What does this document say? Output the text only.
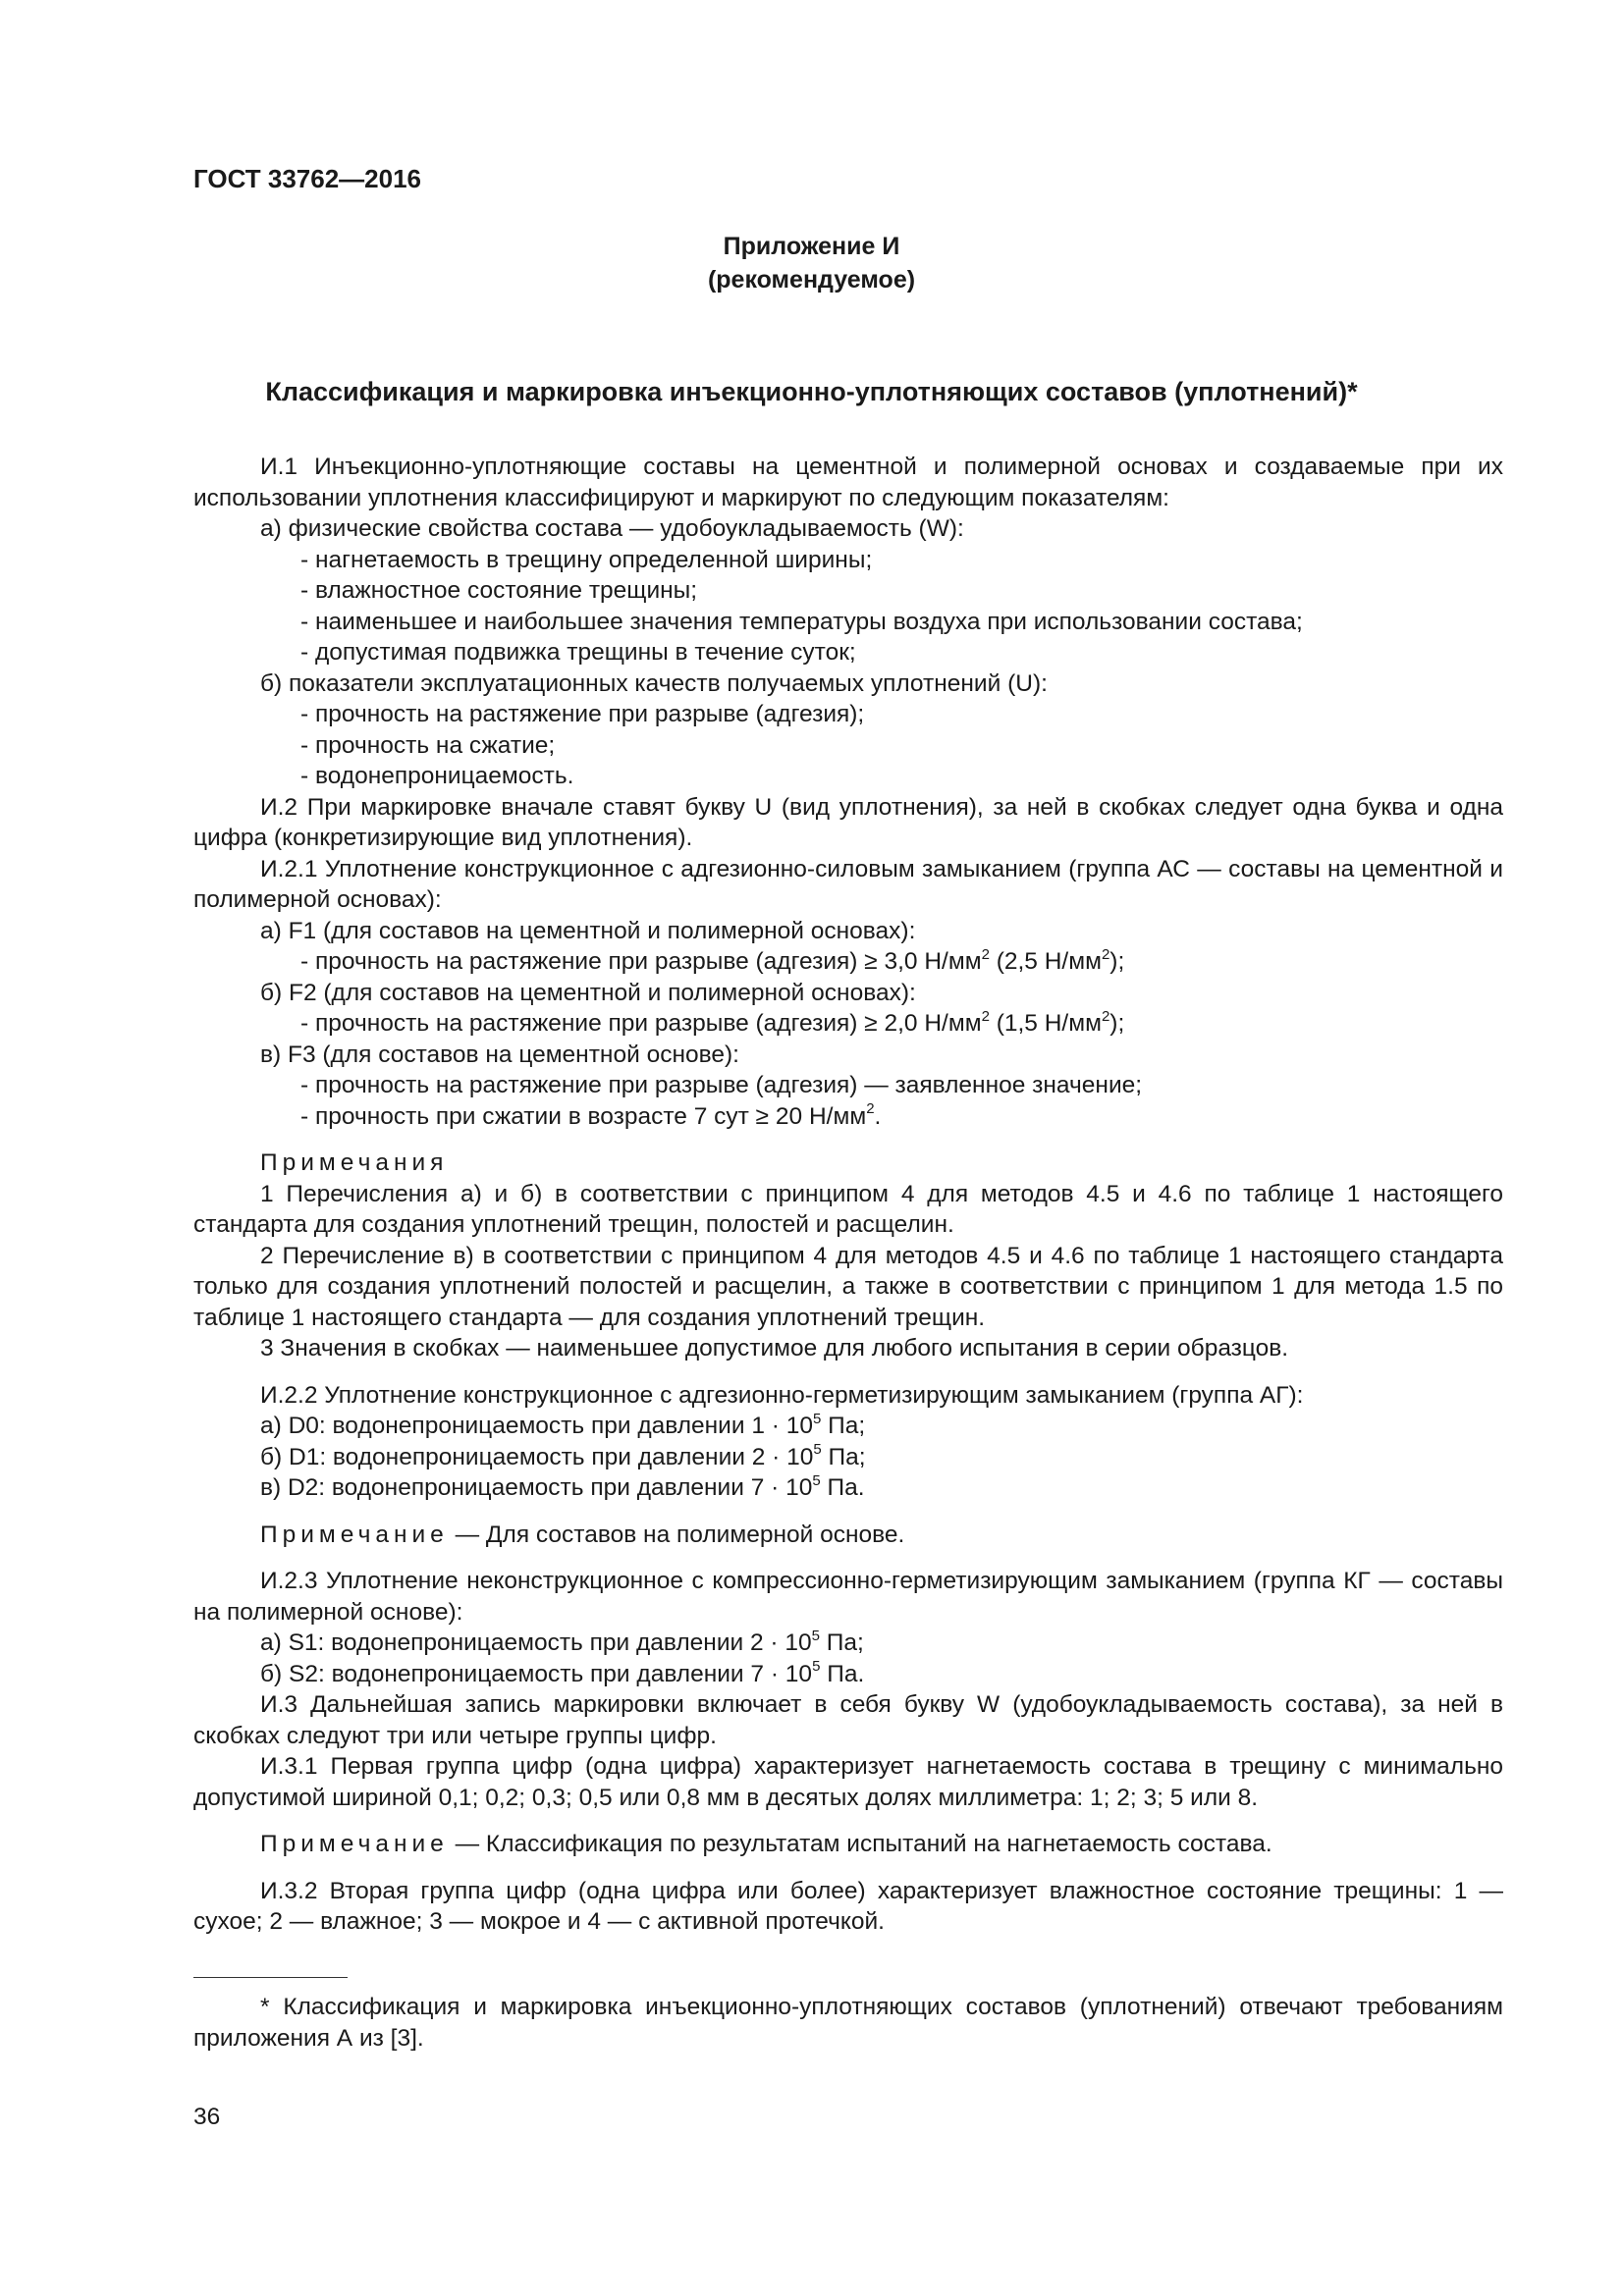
ГОСТ 33762—2016
Приложение И
(рекомендуемое)
Классификация и маркировка инъекционно-уплотняющих составов (уплотнений)*

И.1 Инъекционно-уплотняющие составы на цементной и полимерной основах и создаваемые при их использовании уплотнения классифицируют и маркируют по следующим показателям:

а) физические свойства состава — удобоукладываемость (W):

- нагнетаемость в трещину определенной ширины;

- влажностное состояние трещины;

- наименьшее и наибольшее значения температуры воздуха при использовании состава;

- допустимая подвижка трещины в течение суток;

б) показатели эксплуатационных качеств получаемых уплотнений (U):

- прочность на растяжение при разрыве (адгезия);

- прочность на сжатие;

- водонепроницаемость.

И.2 При маркировке вначале ставят букву U (вид уплотнения), за ней в скобках следует одна буква и одна цифра (конкретизирующие вид уплотнения).

И.2.1 Уплотнение конструкционное с адгезионно-силовым замыканием (группа АС — составы на цементной и полимерной основах):

а) F1 (для составов на цементной и полимерной основах):

- прочность на растяжение при разрыве (адгезия) ≥ 3,0 $Н/мм^2$ (2,5 $Н/мм^2$);

б) F2 (для составов на цементной и полимерной основах):

- прочность на растяжение при разрыве (адгезия) ≥ 2,0 $Н/мм^2$ (1,5 $Н/мм^2$);

в) F3 (для составов на цементной основе):

- прочность на растяжение при разрыве (адгезия) — заявленное значение;

- прочность при сжатии в возрасте 7 сут ≥ 20 $Н/мм^2$.

Примечания

1 Перечисления а) и б) в соответствии с принципом 4 для методов 4.5 и 4.6 по таблице 1 настоящего стандарта для создания уплотнений трещин, полостей и расщелин.

2 Перечисление в) в соответствии с принципом 4 для методов 4.5 и 4.6 по таблице 1 настоящего стандарта только для создания уплотнений полостей и расщелин, а также в соответствии с принципом 1 для метода 1.5 по таблице 1 настоящего стандарта — для создания уплотнений трещин.

3 Значения в скобках — наименьшее допустимое для любого испытания в серии образцов.

И.2.2 Уплотнение конструкционное с адгезионно-герметизирующим замыканием (группа АГ):

а) D0: водонепроницаемость при давлении $1 \cdot 10^5$ Па;

б) D1: водонепроницаемость при давлении $2 \cdot 10^5$ Па;

в) D2: водонепроницаемость при давлении $7 \cdot 10^5$ Па.

Примечание — Для составов на полимерной основе.

И.2.3 Уплотнение неконструкционное с компрессионно-герметизирующим замыканием (группа КГ — составы на полимерной основе):

а) S1: водонепроницаемость при давлении $2 \cdot 10^5$ Па;

б) S2: водонепроницаемость при давлении $7 \cdot 10^5$ Па.

И.3 Дальнейшая запись маркировки включает в себя букву W (удобоукладываемость состава), за ней в скобках следуют три или четыре группы цифр.

И.3.1 Первая группа цифр (одна цифра) характеризует нагнетаемость состава в трещину с минимально допустимой шириной 0,1; 0,2; 0,3; 0,5 или 0,8 мм в десятых долях миллиметра: 1; 2; 3; 5 или 8.

Примечание — Классификация по результатам испытаний на нагнетаемость состава.

И.3.2 Вторая группа цифр (одна цифра или более) характеризует влажностное состояние трещины: 1 — сухое; 2 — влажное; 3 — мокрое и 4 — с активной протечкой.

* Классификация и маркировка инъекционно-уплотняющих составов (уплотнений) отвечают требованиям приложения А из [3].

36
